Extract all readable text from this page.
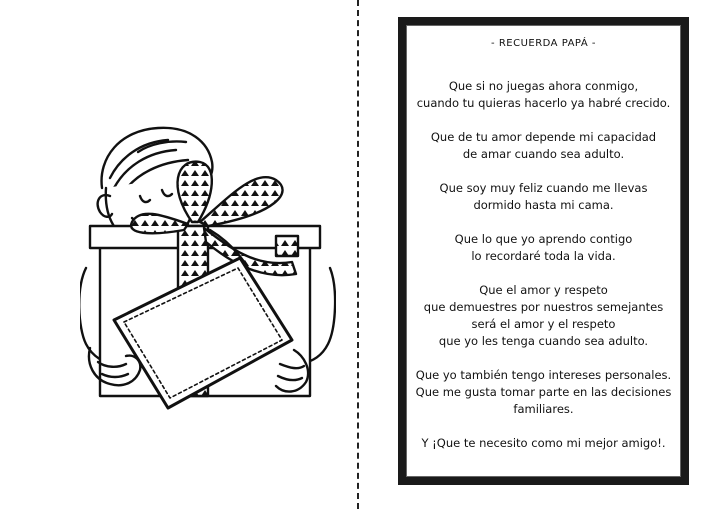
- RECUERDA PAPÁ -
Que si no juegas ahora conmigo,
cuando tu quieras hacerlo ya habré crecido.
Que de tu amor depende mi capacidad
de amar cuando sea adulto.
Que soy muy feliz cuando me llevas
dormido hasta mi cama.
Que lo que yo aprendo contigo
lo recordaré toda la vida.
Que el amor y respeto
que demuestres por nuestros semejantes
será el amor y el respeto
que yo les tenga cuando sea adulto.
Que yo también tengo intereses personales.
Que me gusta tomar parte en las decisiones
familiares.
Y ¡Que te necesito como mi mejor amigo!.
